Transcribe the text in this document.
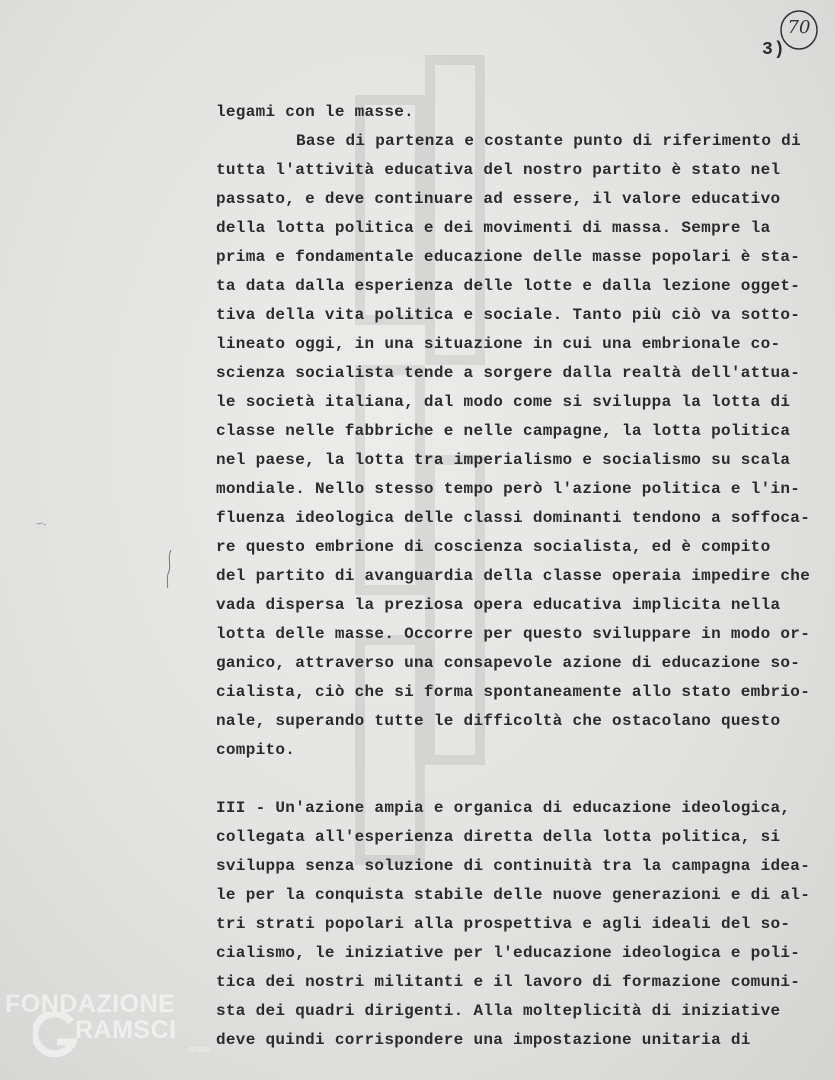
3)
70
legami con le masse.
Base di partenza e costante punto di riferimento di
tutta l'attività educativa del nostro partito è stato nel
passato, e deve continuare ad essere, il valore educativo
della lotta politica e dei movimenti di massa. Sempre la
prima e fondamentale educazione delle masse popolari è sta-
ta data dalla esperienza delle lotte e dalla lezione ogget-
tiva della vita politica e sociale. Tanto più ciò va sotto-
lineato oggi, in una situazione in cui una embrionale co-
scienza socialista tende a sorgere dalla realtà dell'attua-
le società italiana, dal modo come si sviluppa la lotta di
classe nelle fabbriche e nelle campagne, la lotta politica
nel paese, la lotta tra imperialismo e socialismo su scala
mondiale. Nello stesso tempo però l'azione politica e l'in-
fluenza ideologica delle classi dominanti tendono a soffoca-
re questo embrione di coscienza socialista, ed è compito
del partito di avanguardia della classe operaia impedire che
vada dispersa la preziosa opera educativa implicita nella
lotta delle masse. Occorre per questo sviluppare in modo or-
ganico, attraverso una consapevole azione di educazione so-
cialista, ciò che si forma spontaneamente allo stato embrio-
nale, superando tutte le difficoltà che ostacolano questo
compito.
III - Un'azione ampia e organica di educazione ideologica,
collegata all'esperienza diretta della lotta politica, si
sviluppa senza soluzione di continuità tra la campagna idea-
le per la conquista stabile delle nuove generazioni e di al-
tri strati popolari alla prospettiva e agli ideali del so-
cialismo, le iniziative per l'educazione ideologica e poli-
tica dei nostri militanti e il lavoro di formazione comuni-
sta dei quadri dirigenti. Alla molteplicità di iniziative
deve quindi corrispondere una impostazione unitaria di
FONDAZIONE
RAMSCI
onlus
